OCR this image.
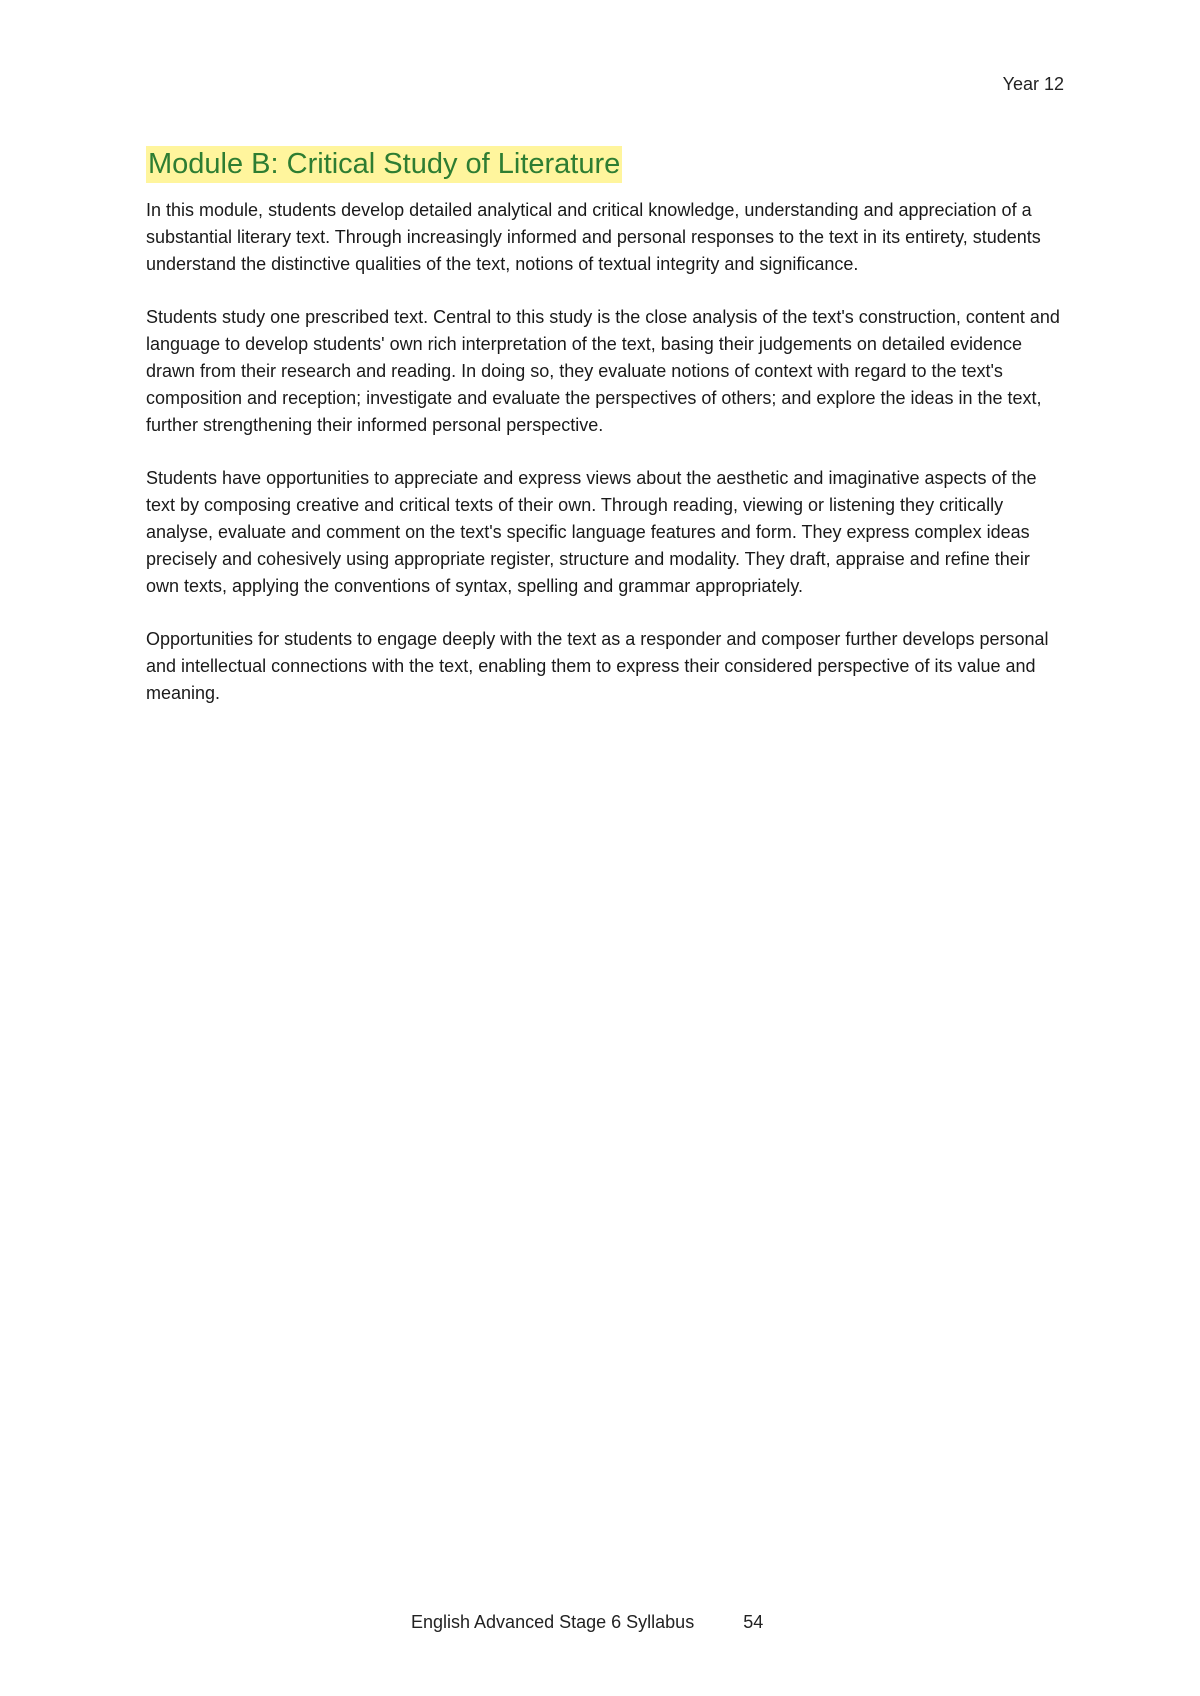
Year 12
Module B: Critical Study of Literature

In this module, students develop detailed analytical and critical knowledge, understanding and appreciation of a substantial literary text. Through increasingly informed and personal responses to the text in its entirety, students understand the distinctive qualities of the text, notions of textual integrity and significance.

Students study one prescribed text. Central to this study is the close analysis of the text's construction, content and language to develop students' own rich interpretation of the text, basing their judgements on detailed evidence drawn from their research and reading. In doing so, they evaluate notions of context with regard to the text's composition and reception; investigate and evaluate the perspectives of others; and explore the ideas in the text, further strengthening their informed personal perspective.

Students have opportunities to appreciate and express views about the aesthetic and imaginative aspects of the text by composing creative and critical texts of their own. Through reading, viewing or listening they critically analyse, evaluate and comment on the text's specific language features and form. They express complex ideas precisely and cohesively using appropriate register, structure and modality. They draft, appraise and refine their own texts, applying the conventions of syntax, spelling and grammar appropriately.

Opportunities for students to engage deeply with the text as a responder and composer further develops personal and intellectual connections with the text, enabling them to express their considered perspective of its value and meaning.

English Advanced Stage 6 Syllabus	54
